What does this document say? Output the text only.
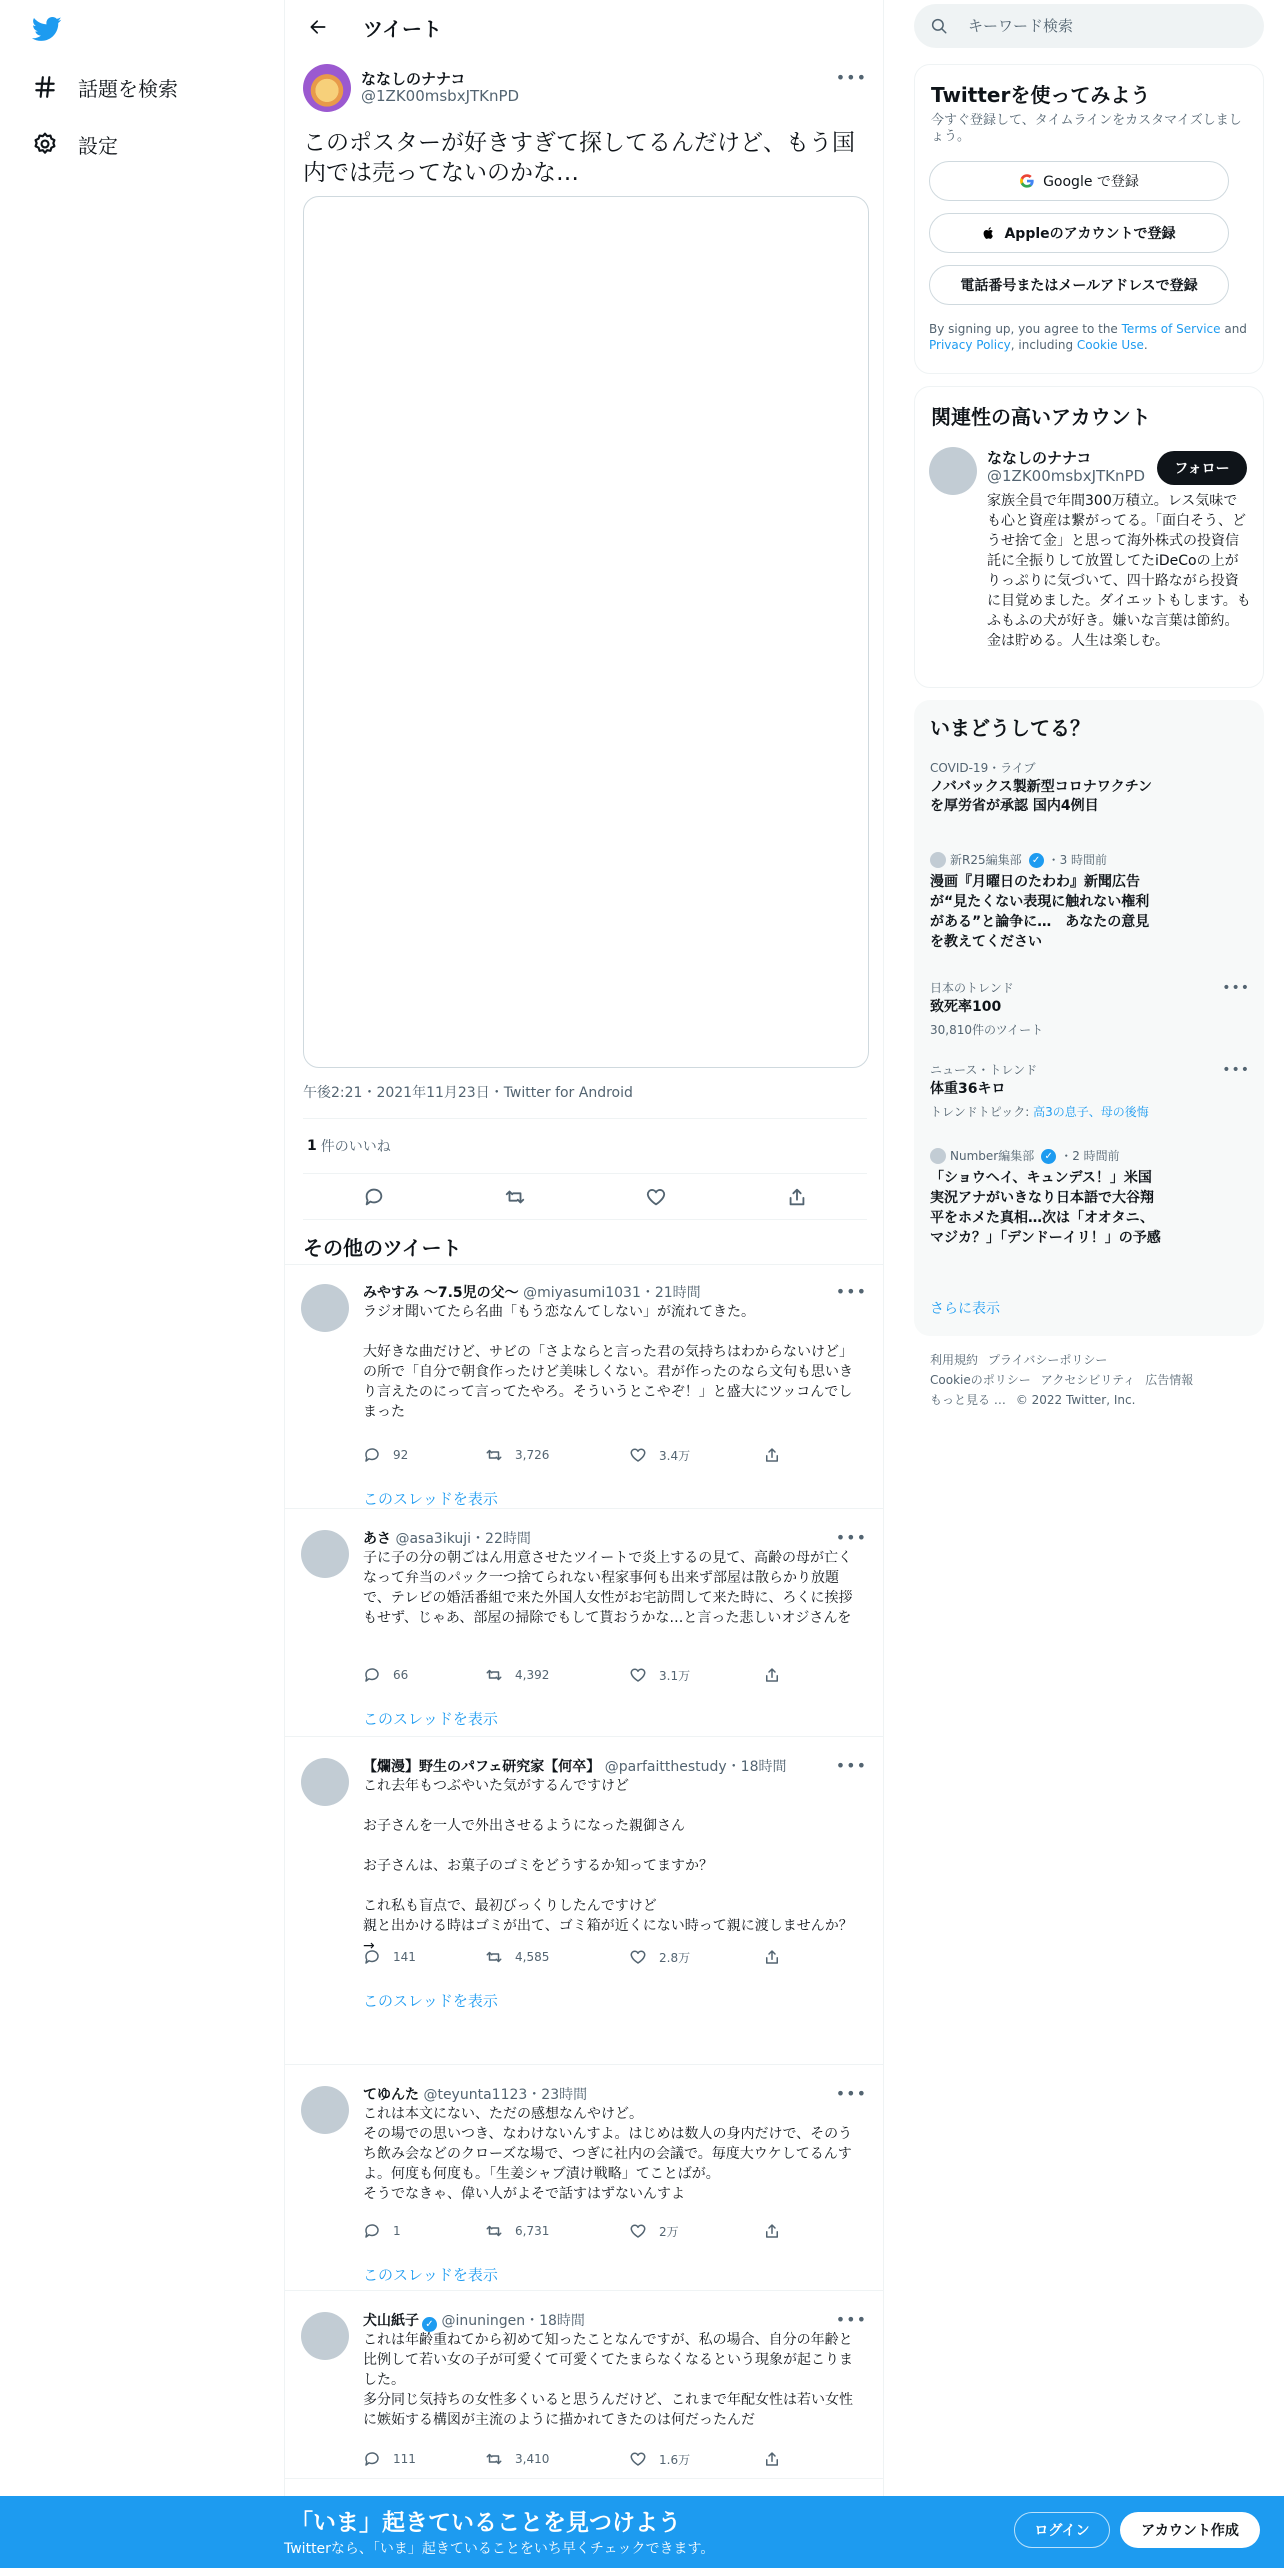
話題を検索
設定
ツイート
ななしのナナコ
@1ZK00msbxJTKnPD
•••
このポスターが好きすぎて探してるんだけど、もう国内では売ってないのかな…
午後2:21・2021年11月23日・Twitter for Android
1 件のいいね
その他のツイート
みやすみ 〜7.5児の父〜 @miyasumi1031・21時間	•••
ラジオ聞いてたら名曲「もう恋なんてしない」が流れてきた。

大好きな曲だけど、サビの「さよならと言った君の気持ちはわからないけど」の所で「自分で朝食作ったけど美味しくない。君が作ったのなら文句も思いきり言えたのにって言ってたやろ。そういうとこやぞ！」と盛大にツッコんでしまった
92	3,726	3.4万
このスレッドを表示
あさ @asa3ikuji・22時間	•••
子に子の分の朝ごはん用意させたツイートで炎上するの見て、高齢の母が亡くなって弁当のパック一つ捨てられない程家事何も出来ず部屋は散らかり放題で、テレビの婚活番組で来た外国人女性がお宅訪問して来た時に、ろくに挨拶もせず、じゃあ、部屋の掃除でもして貰おうかな…と言った悲しいオジさんを
66	4,392	3.1万
このスレッドを表示
【爛漫】野生のパフェ研究家【何卒】 @parfaitthestudy・18時間	•••
これ去年もつぶやいた気がするんですけど

お子さんを一人で外出させるようになった親御さん

お子さんは、お菓子のゴミをどうするか知ってますか？

これ私も盲点で、最初びっくりしたんですけど
親と出かける時はゴミが出て、ゴミ箱が近くにない時って親に渡しませんか？
→
141	4,585	2.8万
このスレッドを表示
てゆんた @teyunta1123・23時間	•••
これは本文にない、ただの感想なんやけど。
その場での思いつき、なわけないんすよ。はじめは数人の身内だけで、そのうち飲み会などのクローズな場で、つぎに社内の会議で。毎度大ウケしてるんすよ。何度も何度も。「生姜シャブ漬け戦略」てことばが。
そうでなきゃ、偉い人がよそで話すはずないんすよ
1	6,731	2万
このスレッドを表示
犬山紙子 ✓ @inuningen・18時間	•••
これは年齢重ねてから初めて知ったことなんですが、私の場合、自分の年齢と比例して若い女の子が可愛くて可愛くてたまらなくなるという現象が起こりました。
多分同じ気持ちの女性多くいると思うんだけど、これまで年配女性は若い女性に嫉妬する構図が主流のように描かれてきたのは何だったんだ
111	3,410	1.6万
キーワード検索
Twitterを使ってみよう
今すぐ登録して、タイムラインをカスタマイズしましょう。
Google で登録
Appleのアカウントで登録
電話番号またはメールアドレスで登録
By signing up, you agree to the Terms of Service and Privacy Policy, including Cookie Use.
関連性の高いアカウント
ななしのナナコ
@1ZK00msbxJTKnPD	フォロー
家族全員で年間300万積立。レス気味でも心と資産は繋がってる。「面白そう、どうせ捨て金」と思って海外株式の投資信託に全振りして放置してたiDeCoの上がりっぷりに気づいて、四十路ながら投資に目覚めました。ダイエットもします。もふもふの犬が好き。嫌いな言葉は節約。金は貯める。人生は楽しむ。
いまどうしてる？
COVID-19・ライブ
ノババックス製新型コロナワクチンを厚労省が承認 国内4例目
新R25編集部	✓ ・3 時間前
漫画『月曜日のたわわ』新聞広告が“見たくない表現に触れない権利がある”と論争に…　あなたの意見を教えてください
日本のトレンド
致死率100
30,810件のツイート
•••
ニュース・トレンド
体重36キロ
トレンドトピック: 高3の息子、母の後悔
•••
Number編集部	✓ ・2 時間前
「ショウヘイ、キュンデス！」米国実況アナがいきなり日本語で大谷翔平をホメた真相…次は「オオタニ、マジカ？」「デンドーイリ！」の予感
さらに表示
利用規約 プライバシーポリシー
Cookieのポリシー アクセシビリティ 広告情報
もっと見る … © 2022 Twitter, Inc.
「いま」起きていることを見つけよう
Twitterなら、「いま」起きていることをいち早くチェックできます。
ログイン	アカウント作成
